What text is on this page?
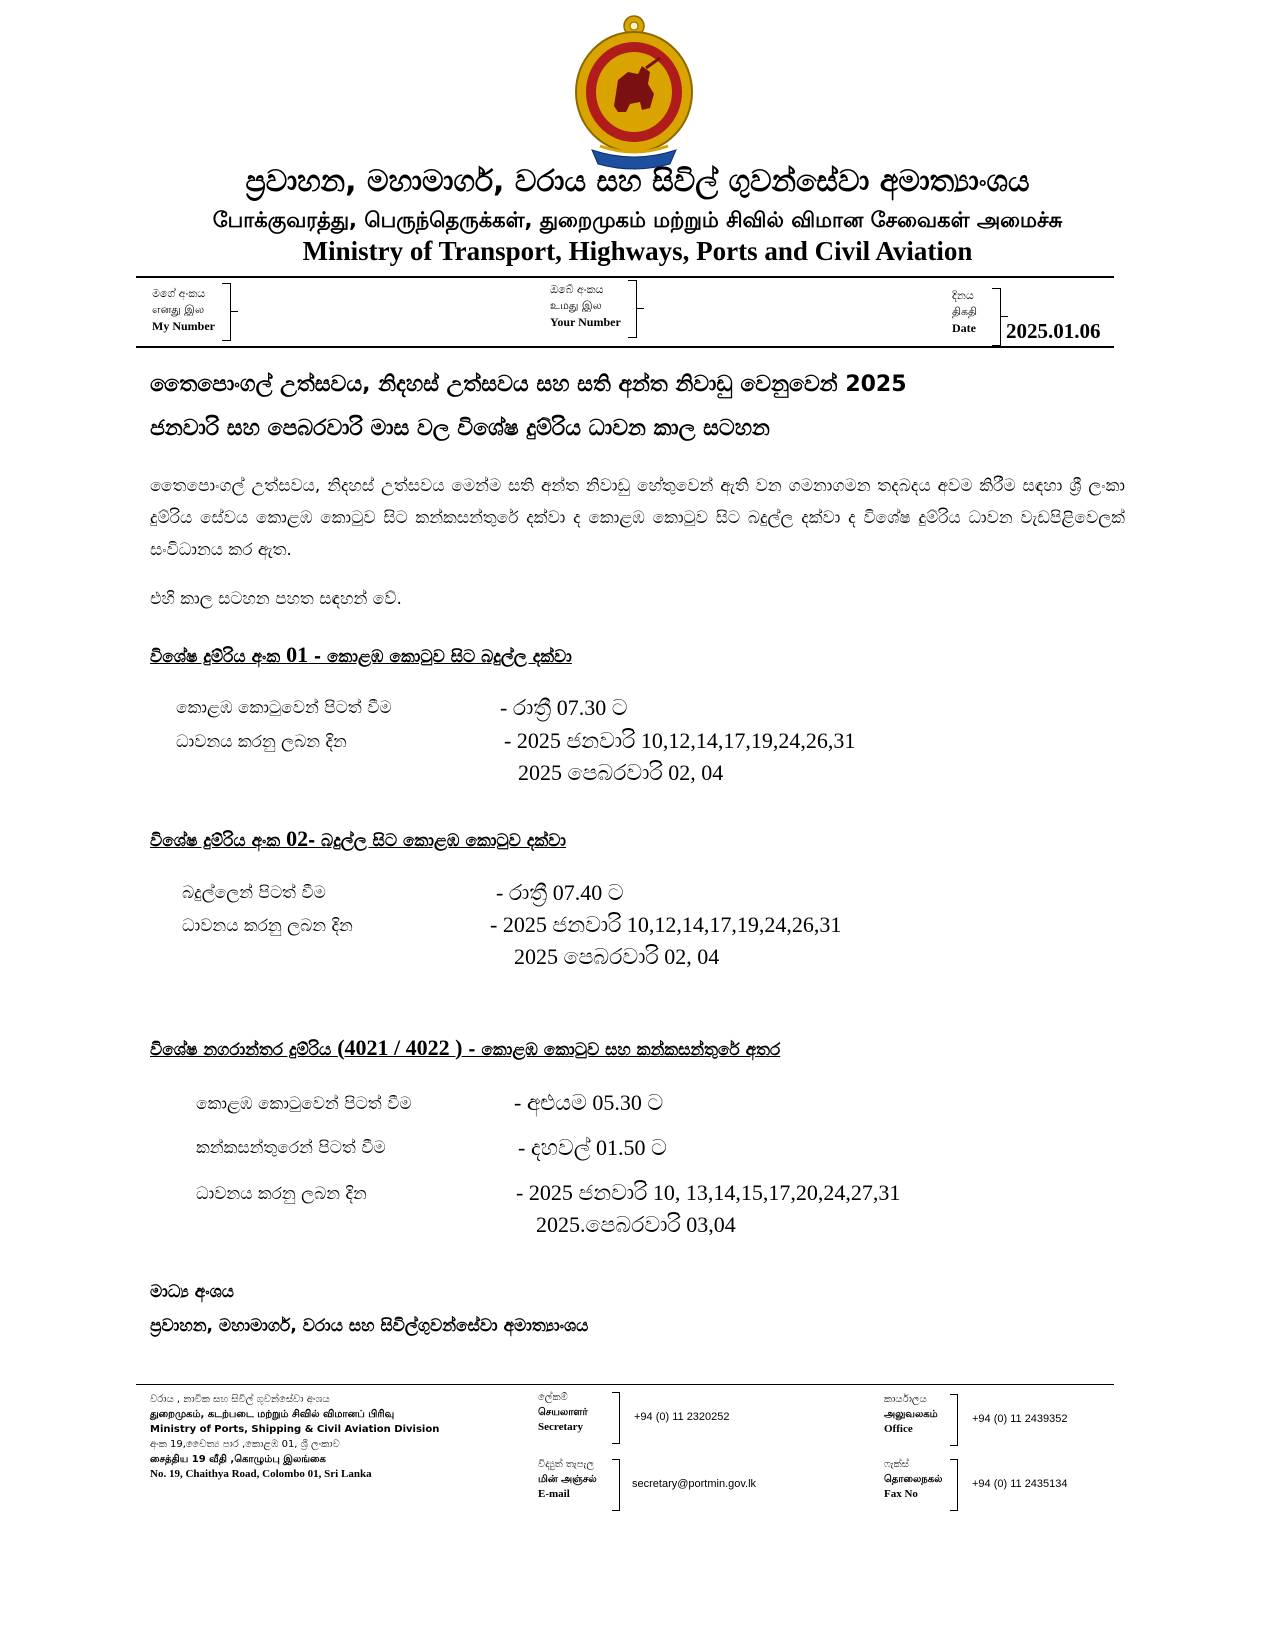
ප්‍රවාහන, මහාමාර්ග, වරාය සහ සිවිල් ගුවන්සේවා අමාත්‍යාංශය
போக்குவரத்து, பெருந்தெருக்கள், துறைமுகம் மற்றும் சிவில் விமான சேவைகள் அமைச்சு
Ministry of Transport, Highways, Ports and Civil Aviation
මගේ අංකය
எனது இல
My Number
ඔබේ අංකය
உமது இல
Your Number
දිනය
திகதி
Date 2025.01.06
තෛපොංගල් උත්සවය, නිදහස් උත්සවය සහ සති අන්ත නිවාඩු වෙනුවෙන් 2025
ජනවාරි සහ පෙබරවාරි මාස වල විශේෂ දුම්රිය ධාවන කාල සටහන
තෛපොංගල් උත්සවය, නිදහස් උත්සවය මෙන්ම සති අන්ත නිවාඩු හේතුවෙන් ඇති වන ගමනාගමන තදබදය අවම කිරීම සඳහා ශ්‍රී ලංකා දුම්රිය සේවය කොළඹ කොටුව සිට කන්කසන්තුරේ දක්වා ද කොළඹ කොටුව සිට බදුල්ල දක්වා ද විශේෂ දුම්රිය ධාවන වැඩපිළිවෙලක් සංවිධානය කර ඇත.
එහි කාල සටහන පහත සඳහන් වේ.
විශේෂ දුම්රිය අංක 01 - කොළඹ කොටුව සිට බදුල්ල දක්වා
කොළඹ කොටුවෙන් පිටත් වීම	- රාත්‍රී 07.30 ට
ධාවනය කරනු ලබන දින	- 2025 ජනවාරි 10,12,14,17,19,24,26,31
2025 පෙබරවාරි 02, 04
විශේෂ දුම්රිය අංක 02- බදුල්ල සිට කොළඹ කොටුව දක්වා
බදුල්ලෙන් පිටත් වීම	- රාත්‍රී 07.40 ට
ධාවනය කරනු ලබන දින	- 2025 ජනවාරි 10,12,14,17,19,24,26,31
2025 පෙබරවාරි 02, 04
විශේෂ නගරාන්තර දුම්රිය (4021 / 4022 ) - කොළඹ කොටුව සහ කන්කසන්තුරේ අතර
කොළඹ කොටුවෙන් පිටත් වීම	- අළුයම 05.30 ට
කන්කසන්තුරෙන් පිටත් වීම	- දහවල් 01.50 ට
ධාවනය කරනු ලබන දින	- 2025 ජනවාරි 10, 13,14,15,17,20,24,27,31
2025.පෙබරවාරි 03,04
මාධ්‍ය අංශය
ප්‍රවාහන, මහාමාර්ග, වරාය සහ සිවිල්ගුවන්සේවා අමාත්‍යාංශය
වරාය , නාවික සහ සිවිල් ගුවන්සේවා අංශය
துறைமுகம், கடற்படை மற்றும் சிவில் விமானப் பிரிவு
Ministry of Ports, Shipping & Civil Aviation Division
අංක 19,චෛත්‍ය පාර ,කොළඹ 01, ශ්‍රී ලංකාව
சைத்திய 19 வீதி ,கொழும்பு இலங்கை
No. 19, Chaithya Road, Colombo 01, Sri Lanka
ලේකම්
செயலாளர்
Secretary
+94 (0) 11 2320252
විද්‍යුත් තැපැල
மின் அஞ்சல்
E-mail
secretary@portmin.gov.lk
කාර්යාලය
அலுவலகம்
Office
+94 (0) 11 2439352
ෆැක්ස්
தொலைநகல்
Fax No
+94 (0) 11 2435134
